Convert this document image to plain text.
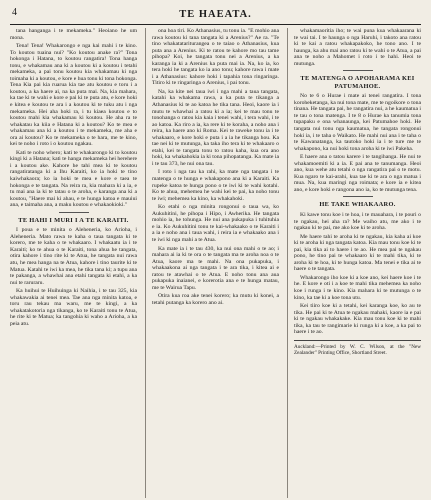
4	TE HAEATA.

tana hanganga i te mekameka." Heoiano he um mona.

Tena! Tena! Whakarongo e nga kai mahi i te kino. To koutou tuaina nui? "Ko koutou anake ra?" Tona hokonga i Hatana, to koutou rangatira! Tona hanga tonu, e whakamau ana ki a koutou ki a koutou i tetahi mekameka, a pai tonu koutou kia whakamau ki nga toimaha ki a koutou, e kore e hua tonu ki tona hokonga. Tena Kia pai kia ruarua kia tae atu koutou e toru i a koutou, a ka haere ai, na ka puta mai. Na, kia mahara, ka tae ki te wahi e kore e pai ki te puta atu, e kore hoki e kitea e koutou te ara i a koutou ki te tuku atu i nga mekameka. Hei aha hoki ra, i tu kiaea koutou e to koutou mahi kia whakamau ki koutou. He aha ra te whakatau ka kiia e Hatana ki a koutou? Ko te mea e whakamau ana ki a koutou i te mekameka, me aha e ora ai koutou? Ko te mekameka o te hara, me te kino, kei te noho i roto i o koutou ngakau.

Kati te noho whero; kati te whakarongo ki to koutou kingi ki a Hatana; kati te hanga mekameka hei herehere i a koutou ake. Kahore he tahi mea ki te koutou rangatiratanga ki a Ihu Karaiti, ko ia hoki te tino kaiwhakaora; ko ia hoki te mea e kore e taea te hokonga e te tangata. Na reira ra, kia mahara ki a ia, e tu mai ana ia ki te tatau o te aroha, e karanga ana ki a koutou, "Haere mai ki ahau, e te hunga katoa e mauiui ana, e taimaha ana, a maku koutou e whakaokioki."

TE HAHI I MURI I A TE KARAITI.

I poua e te minita o Aleheneria, ko Arioha, i Aleheneria. Mato rawa te kaha o taua tangata ki te korero, me te kaha o te whakaaro. I whakaatu ia i te Karaiti; ko te ahua o te Karaiti, tona ahua he tangata, otira kahore i tino rite ki te Atua, he tangata nui rawa atu, he mea hanga na te Atua, kahore i tino taurite ki te Matua. Katahi te iwi ka mea, he tika tana ki; a tupu ana te pakanga, a whawhai ana etahi tangata ki etahi, a ka nui te raruraru.

Ka huihui te Huihuinga ki Naihia, i te tau 325, kia whakawakia ai tenei mea. Tae ana nga minita katoa, e toru rau tekau ma waru, me te kingi, a ka whakatakotoria nga tikanga, ko te Karaiti tonu te Atua, he rite ki te Matua; ka tangohia ki waho a Arioha, a ka peia atu.

ona hoa tiri. Ko Athanasius, tu tonu ia. "E mohio ana rawa koutou ki tana tangata ki a Arenius?" Ae ra. "Te tino whakatatariturangea o te taiao o Athanasius, kua puta ana a Arenius. Ki te ratou te kahore mo tau tame pihopa? Koi, he tangata tonu nei a Arenius, a ka karanga ia ki a Arenius ka puta mai ia. Na, ko ia, ko tera hoki he tangata ko ia ano tonu; kahore rawa i mate i a Athanasius: kahore hoki i tapahia tona ringaringa. Titiro ki te ringaringa o Arenius, i pai tonu.

Na, ka kite nei taua iwi i nga mahi a taua tangata, katahi ka whakama rawa, a ka puta te tikanga a Athanasius ki te ao katoa he tika tana. Heoi, kaore ia i mutu te whawhai a ratou ki a ia; kei te mau tonu te tonohanga o ratou kia kaia i tenei wahi, i tera wahi, i te ao katoa. Ka riro a ia, ka rere ki te koraha, a noho ana i reira, ka haere ano ki Roma. Kei te raweke tonu ia i te whakaaro, e kore hoki e puta i a ia he tikanga hou. Ka tae nei ki te mutunga, ka taka iho tera ki te whakaaro o etahi, kei te tangata tonu to ratou kaha, kua ora ano hoki, ka whakahokia ia ki tona pihopatanga. Ka mate ia i te tau 373, he nui ona tau.

I roto i nga tau ka rahi, ka mate nga tangata i te matenga o te hunga e whakapono ana ki a Karaiti. Ka rupeke katoa te hunga pono o te iwi ki te wahi kotahi. Ko te ahua, mehemea he wahi kei te pai, ka noho tonu te iwi; mehemea ka kino, ka whakahoki.

Ko etahi o nga minita rongonui o taua wa, ko Aukuhitini, he pihopa i Hipo, i Awherika. He tangata mohio ia, he tohunga. He nui ana pukapuka i tuhituhia e ia. Ko Aukuhitini tonu te kai-whakaako o te Karaiti i a ia e noho ana i taua wahi, i reira ia e whakaako ana i te iwi ki nga mahi a te Atua.

Ka mate ia i te tau 430, ka nui ona mahi o te ao; i mahara ai ia ki te ora o te tangata ma te aroha noa o te Atua, kaore ma te mahi. Na ona pukapuka, i whakaakona ai nga tangata i te ara tika, i kitea ai e ratou te atawhai o te Atua. E noho tonu ana aua pukapuka inaianei, e korerotia ana e te hunga matau, me te Wairua Tapu.

Otira kua roa ake tenei korero; ka mutu ki konei, a tetahi putanga ka korero ano ai.

whakamaoritia iho; te wai puna kua whakaarana ki te wai tai. I te haunga o nga Haruhi, i takoto ana ratou ki te kai a ratou whakapakoko, he tono ano. I te haunga, ka ahu mai ano ratou ki te wahi o te Atua, a pai ana te noho a Mahomet i roto i te hahi. Heoi te mutunga.

TE MATENGA O APOHARAMA KEI PATUMAHOE.

No te 6 o Hurae i mate ai tenei rangatira. I tona koroheketanga, ka nui tona mate, me te ngoikore o tona tinana. He tangata pai, he rangatira nui, a he kaumatua i te tau o tona matenga. I te 8 o Hurae ka tanumia tona tupapaku e ona whanaunga, kei Patumahoe hoki. He tangata nui tonu nga kaumatua, he tangata rongonui hoki ia, i te taha o Waikato. He mahi nui ana i te taha o te Kawanatanga, ka tautoko hoki ia i te ture me te whakapono, ka nui hoki tona aroha ki te iwi Pakeha.

E haere ana o tatou karere i te tangihanga. He nui te whakamoemiti ki a ia. E pai ana te tanumanga. Heoi ano, kua wehe atu tetahi o nga rangatira pai o te motu. Kua ngaro te kai-arahi, kua tae ki te ara o nga matua i mua. Na, kua maringi nga roimata; e kore ia e kitea ano, e kore hoki e rangona ano ia, ko te mutunga tena.

HE TAKE WHAKAARO.

Ki kawe tonu koe i te hoa, i te mauahara, i te pouri o te ngakau, hei aha ra? Me waiho atu, me ako i te ngakau ki te pai, me ako koe ki te aroha.

Me haere tahi te aroha ki te ngakau, kia kaha ai koe ki te aroha ki nga tangata katoa. Kia mau tonu koe ki te pai, kia tika ai to haere i te ao. He mea pai te ngakau pono, he tino pai te whakaaro ki te mahi tika, ki te aroha ki te hoa, ki te hunga katoa. Ma tenei e tika ai te haere o te tangata.

Whakarongo iho koe ki a koe ano, kei haere koe i te he. E kore e oti i a koe te mahi tika mehemea ka noho koe i runga i te kino. Kia mahara ki te mutunga o te kino, ka tae ki a koe tona utu.

Kei tiiro koe ki a tetahi, kei karanga koe, ko au te tika. He pai ki te Atua te ngakau mahaki, kaore ia e pai ki te ngakau whakakake. Kia mau tonu koe ki te mahi tika, ka tau te rangimarie ki runga ki a koe, a ka pai to haere i te ao.

Auckland:—Printed by W. C. Wilson, at the "New Zealander" Printing Office, Shortland Street.
